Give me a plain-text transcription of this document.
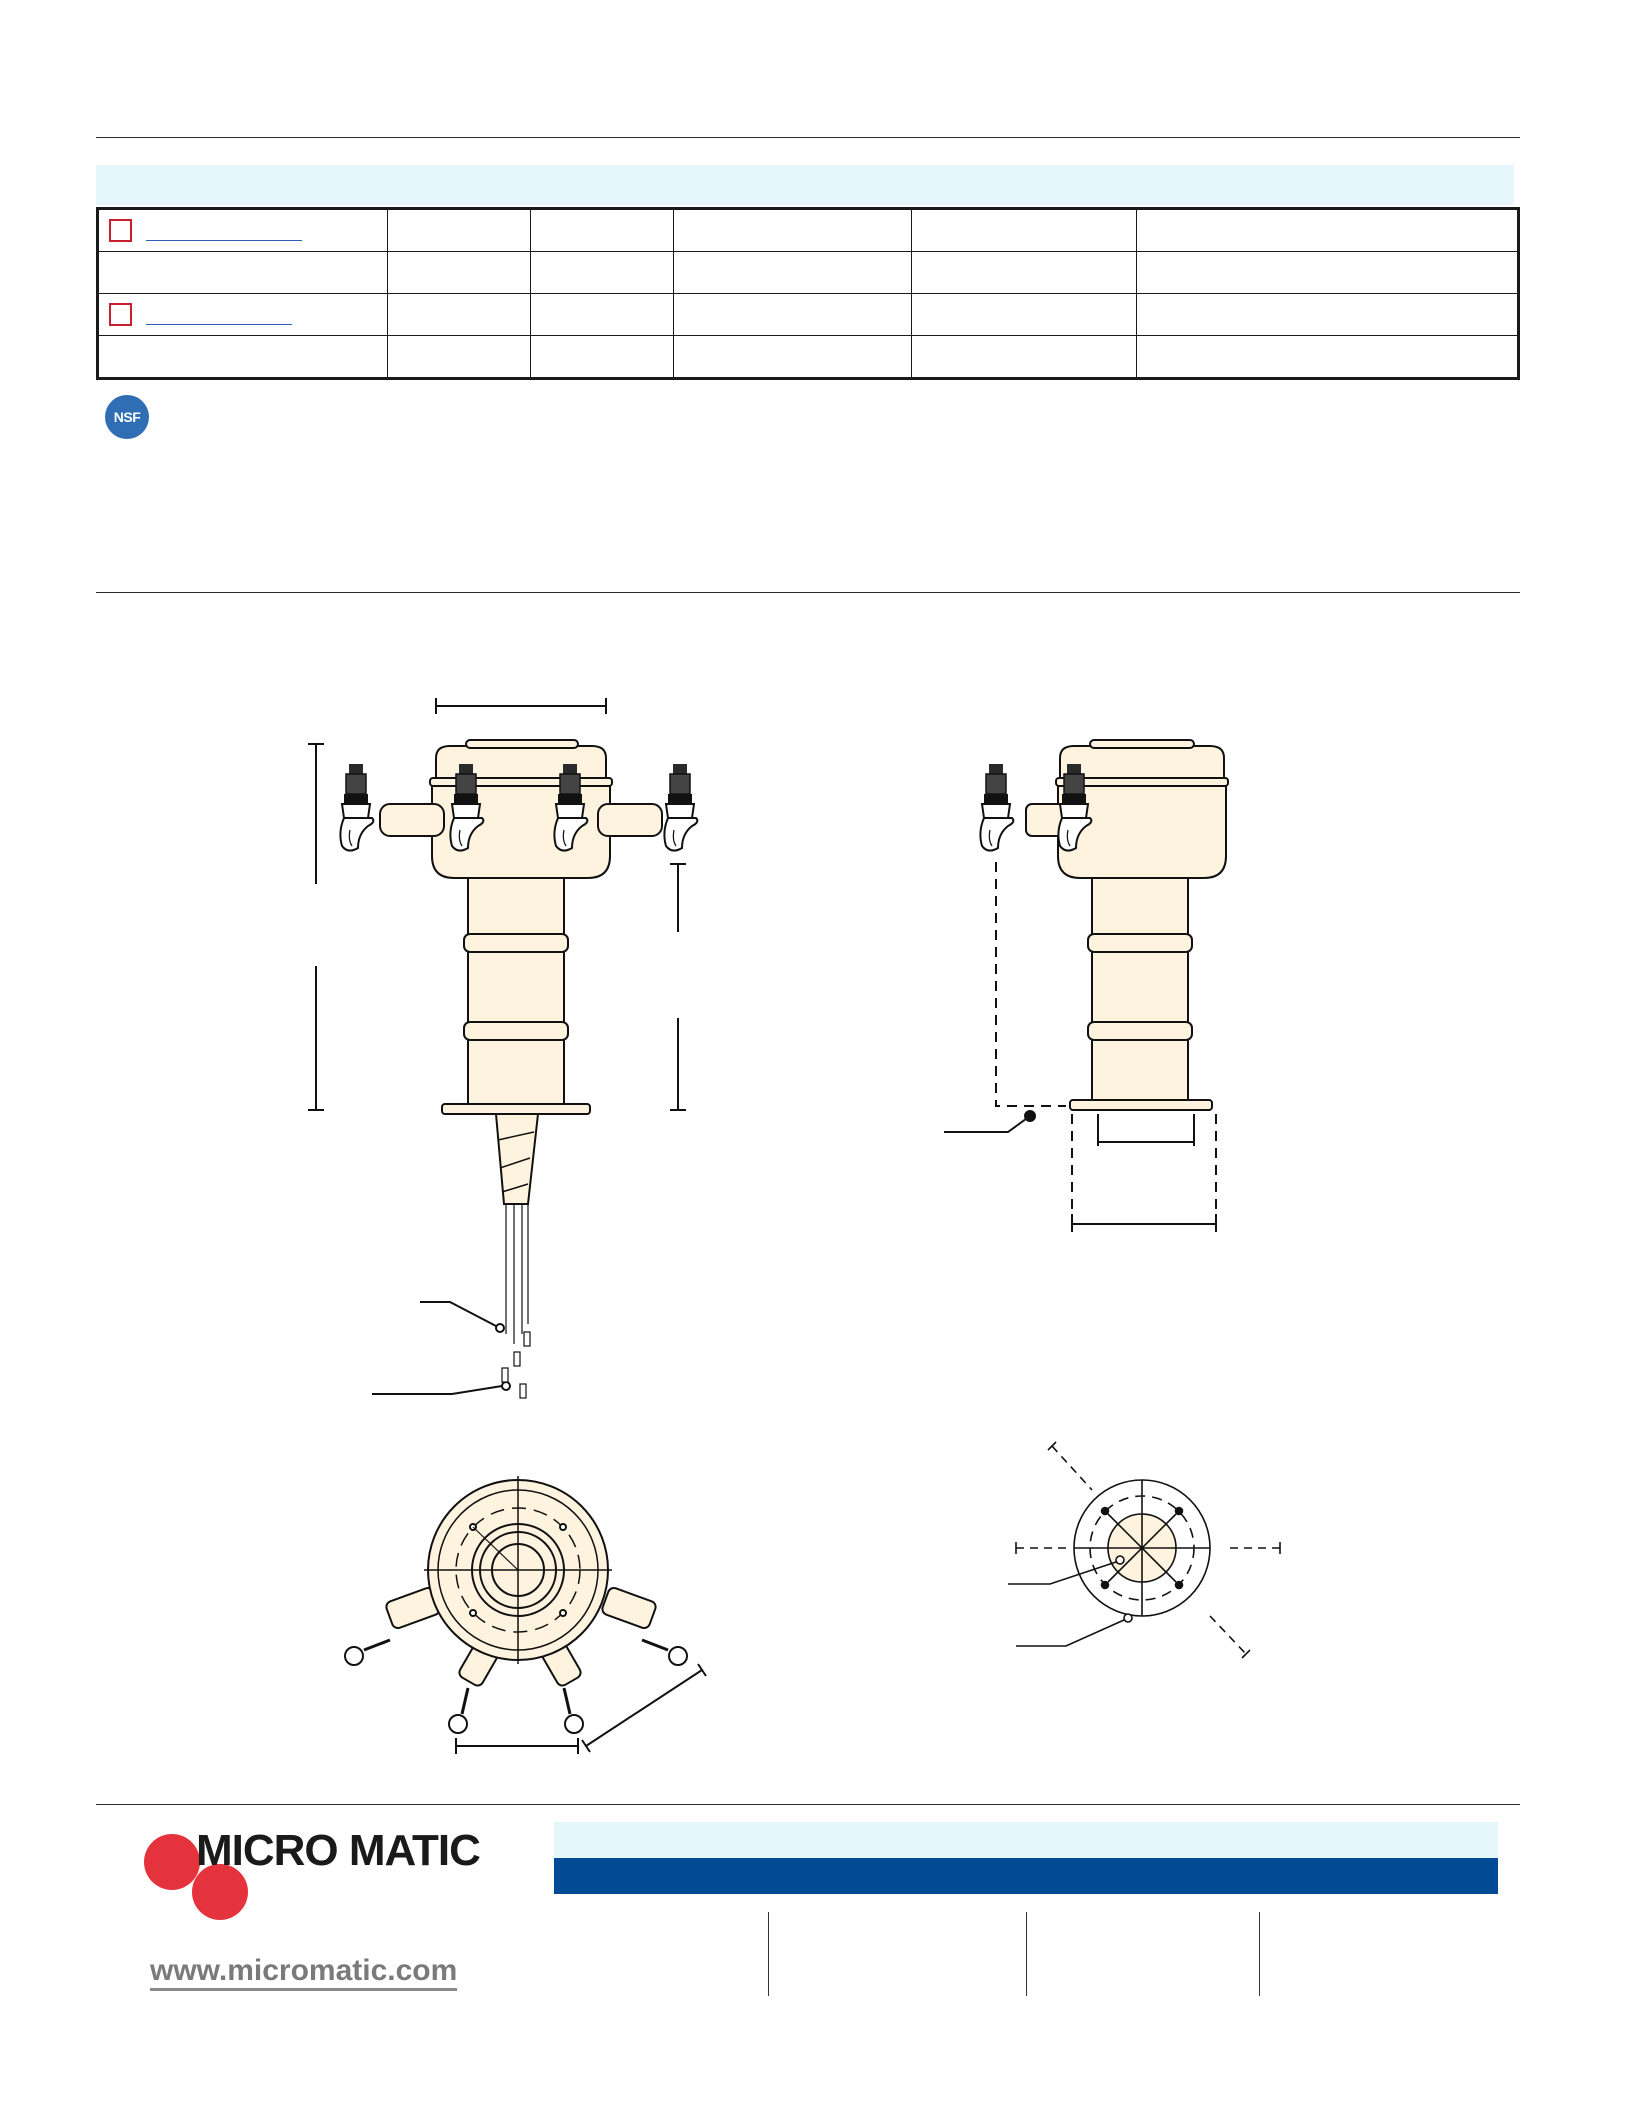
NSF
MICRO MATIC
www.micromatic.com
